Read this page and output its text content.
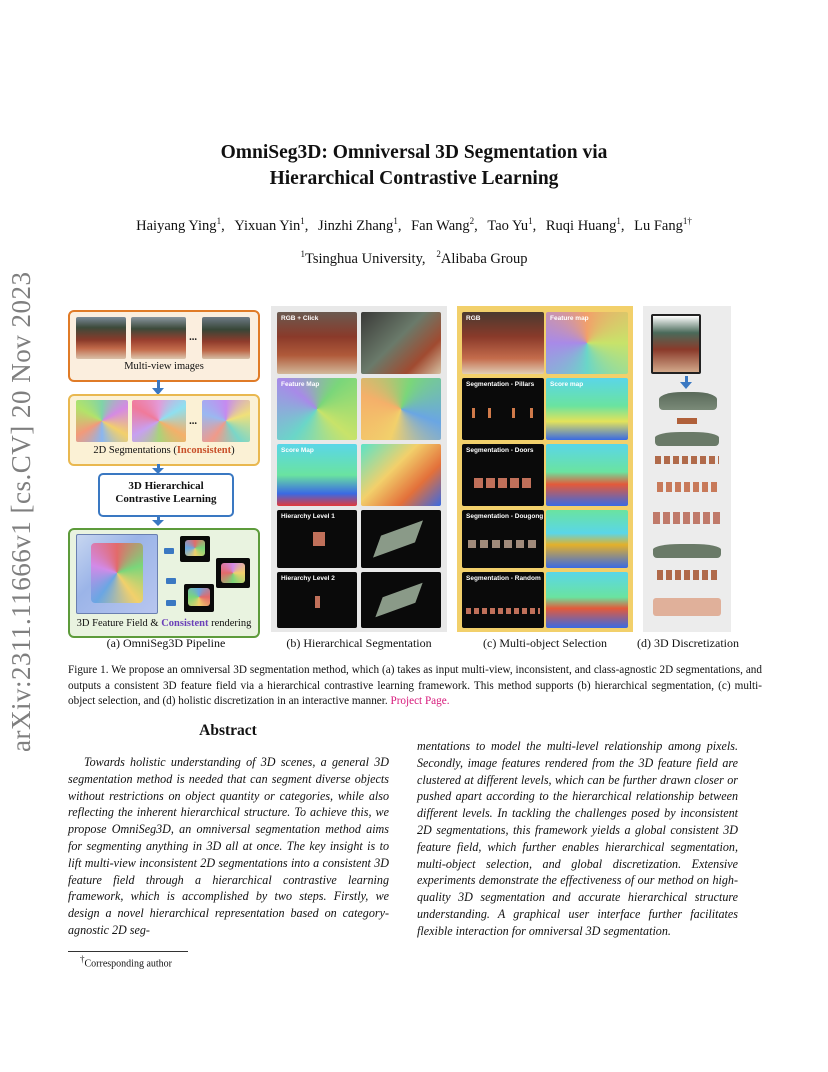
arXiv:2311.11666v1 [cs.CV] 20 Nov 2023
OmniSeg3D: Omniversal 3D Segmentation via
Hierarchical Contrastive Learning
Haiyang Ying$^1$, Yixuan Yin$^1$, Jinzhi Zhang$^1$, Fan Wang$^2$, Tao Yu$^1$, Ruqi Huang$^1$, Lu Fang$^{1\dagger}$
$^1$Tsinghua University, $^2$Alibaba Group
...
Multi-view images
...
2D Segmentations (Inconsistent)
3D Hierarchical
Contrastive Learning
3D Feature Field & Consistent rendering
(a) OmniSeg3D Pipeline
RGB + Click
Feature Map
Score Map
Hierarchy Level 1
Hierarchy Level 2
(b) Hierarchical Segmentation
RGB	Feature map
Segmentation - Pillars Score map
Segmentation - Doors
Segmentation - Dougong
Segmentation - Random
(c) Multi-object Selection	(d) 3D Discretization
Figure 1. We propose an omniversal 3D segmentation method, which (a) takes as input multi-view, inconsistent, and class-agnostic 2D segmentations, and outputs a consistent 3D feature field via a hierarchical contrastive learning framework. This method supports (b) hierarchical segmentation, (c) multi-object selection, and (d) holistic discretization in an interactive manner. Project Page.
Abstract
Towards holistic understanding of 3D scenes, a general 3D segmentation method is needed that can segment diverse objects without restrictions on object quantity or categories, while also reflecting the inherent hierarchical structure. To achieve this, we propose OmniSeg3D, an omniversal segmentation method aims for segmenting anything in 3D all at once. The key insight is to lift multi-view inconsistent 2D segmentations into a consistent 3D feature field through a hierarchical contrastive learning framework, which is accomplished by two steps. Firstly, we design a novel hierarchical representation based on category-agnostic 2D seg-
mentations to model the multi-level relationship among pixels. Secondly, image features rendered from the 3D feature field are clustered at different levels, which can be further drawn closer or pushed apart according to the hierarchical relationship between different levels. In tackling the challenges posed by inconsistent 2D segmentations, this framework yields a global consistent 3D feature field, which further enables hierarchical segmentation, multi-object selection, and global discretization. Extensive experiments demonstrate the effectiveness of our method on high-quality 3D segmentation and accurate hierarchical structure understanding. A graphical user interface further facilitates flexible interaction for omniversal 3D segmentation.
†Corresponding author
